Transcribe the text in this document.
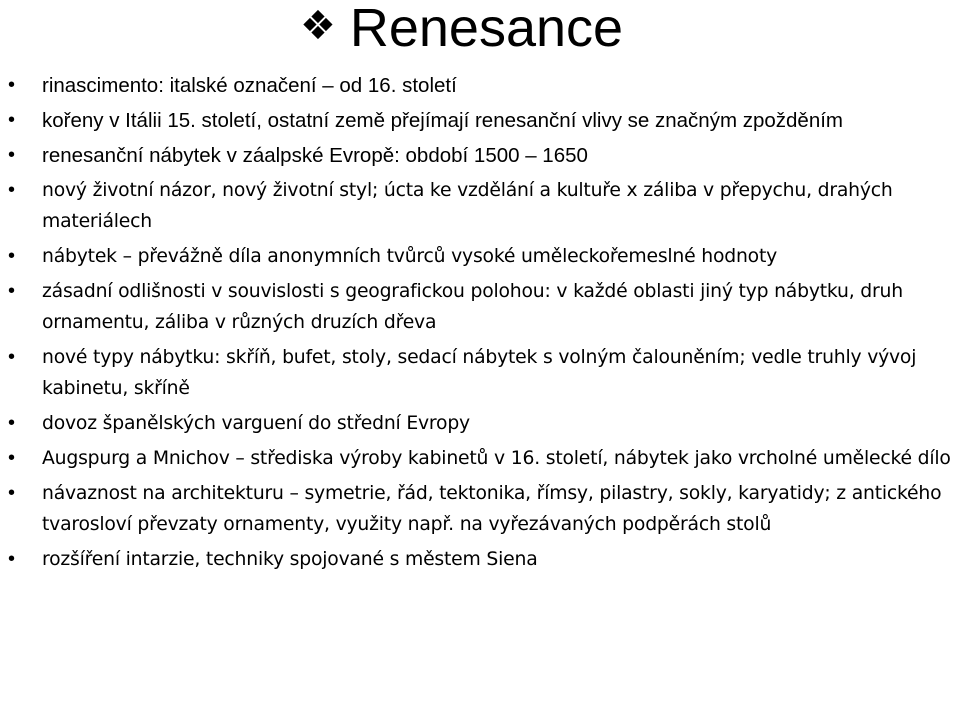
❖ Renesance
• rinascimento: italské označení – od 16. století
• kořeny v Itálii 15. století, ostatní země přejímají renesanční vlivy se značným zpožděním
• renesanční nábytek v záalpské Evropě: období 1500 – 1650
• nový životní názor, nový životní styl; úcta ke vzdělání a kultuře x záliba v přepychu, drahých materiálech
• nábytek – převážně díla anonymních tvůrců vysoké uměleckořemeslné hodnoty
• zásadní odlišnosti v souvislosti s geografickou polohou: v každé oblasti jiný typ nábytku, druh ornamentu, záliba v různých druzích dřeva
• nové typy nábytku: skříň, bufet, stoly, sedací nábytek s volným čalouněním; vedle truhly vývoj kabinetu, skříně
• dovoz španělských varguení do střední Evropy
• Augspurg a Mnichov – střediska výroby kabinetů v 16. století, nábytek jako vrcholné umělecké dílo
• návaznost na architekturu – symetrie, řád, tektonika, římsy, pilastry, sokly, karyatidy; z antického tvarosloví převzaty ornamenty, využity např. na vyřezávaných podpěrách stolů
• rozšíření intarzie, techniky spojované s městem Siena
